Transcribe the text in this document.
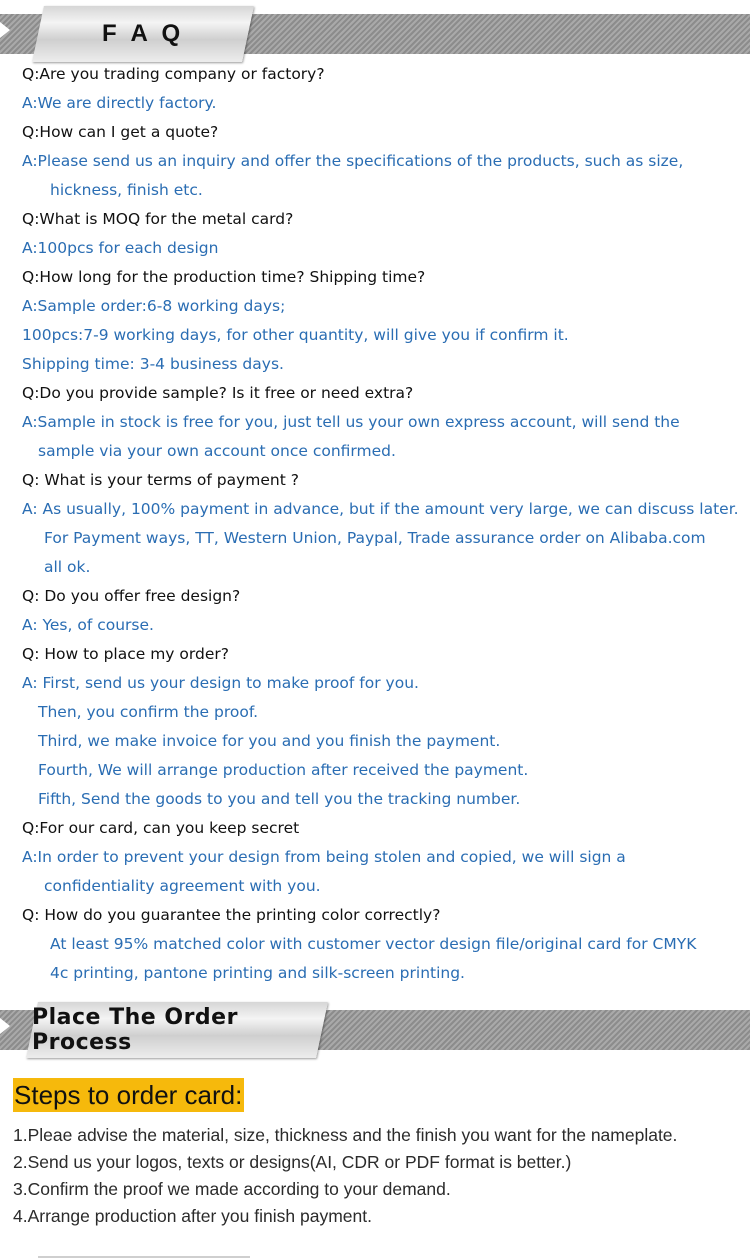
F A Q
Q:Are you trading company or factory?
A:We are directly factory.
Q:How can I get a quote?
A:Please send us an inquiry and offer the specifications of the products, such as size,
hickness, finish etc.
Q:What is MOQ for the metal card?
A:100pcs for each design
Q:How long for the production time? Shipping time?
A:Sample order:6-8 working days;
100pcs:7-9 working days, for other quantity, will give you if confirm it.
Shipping time: 3-4 business days.
Q:Do you provide sample? Is it free or need extra?
A:Sample in stock is free for you, just tell us your own express account, will send the
sample via your own account once confirmed.
Q: What is your terms of payment ?
A: As usually, 100% payment in advance, but if the amount very large, we can discuss later.
For Payment ways, TT, Western Union, Paypal, Trade assurance order on Alibaba.com
all ok.
Q: Do you offer free design?
A: Yes, of course.
Q: How to place my order?
A: First, send us your design to make proof for you.
Then, you confirm the proof.
Third, we make invoice for you and you finish the payment.
Fourth, We will arrange production after received the payment.
Fifth, Send the goods to you and tell you the tracking number.
Q:For our card, can you keep secret
A:In order to prevent your design from being stolen and copied, we will sign a
confidentiality agreement with you.
Q: How do you guarantee the printing color correctly?
At least 95% matched color with customer vector design file/original card for CMYK
4c printing, pantone printing and silk-screen printing.
Place The Order Process
Steps to order card:
1.Pleae advise the material, size, thickness and the finish you want for the nameplate.
2.Send us your logos, texts or designs(AI, CDR or PDF format is better.)
3.Confirm the proof we made according to your demand.
4.Arrange production after you finish payment.
